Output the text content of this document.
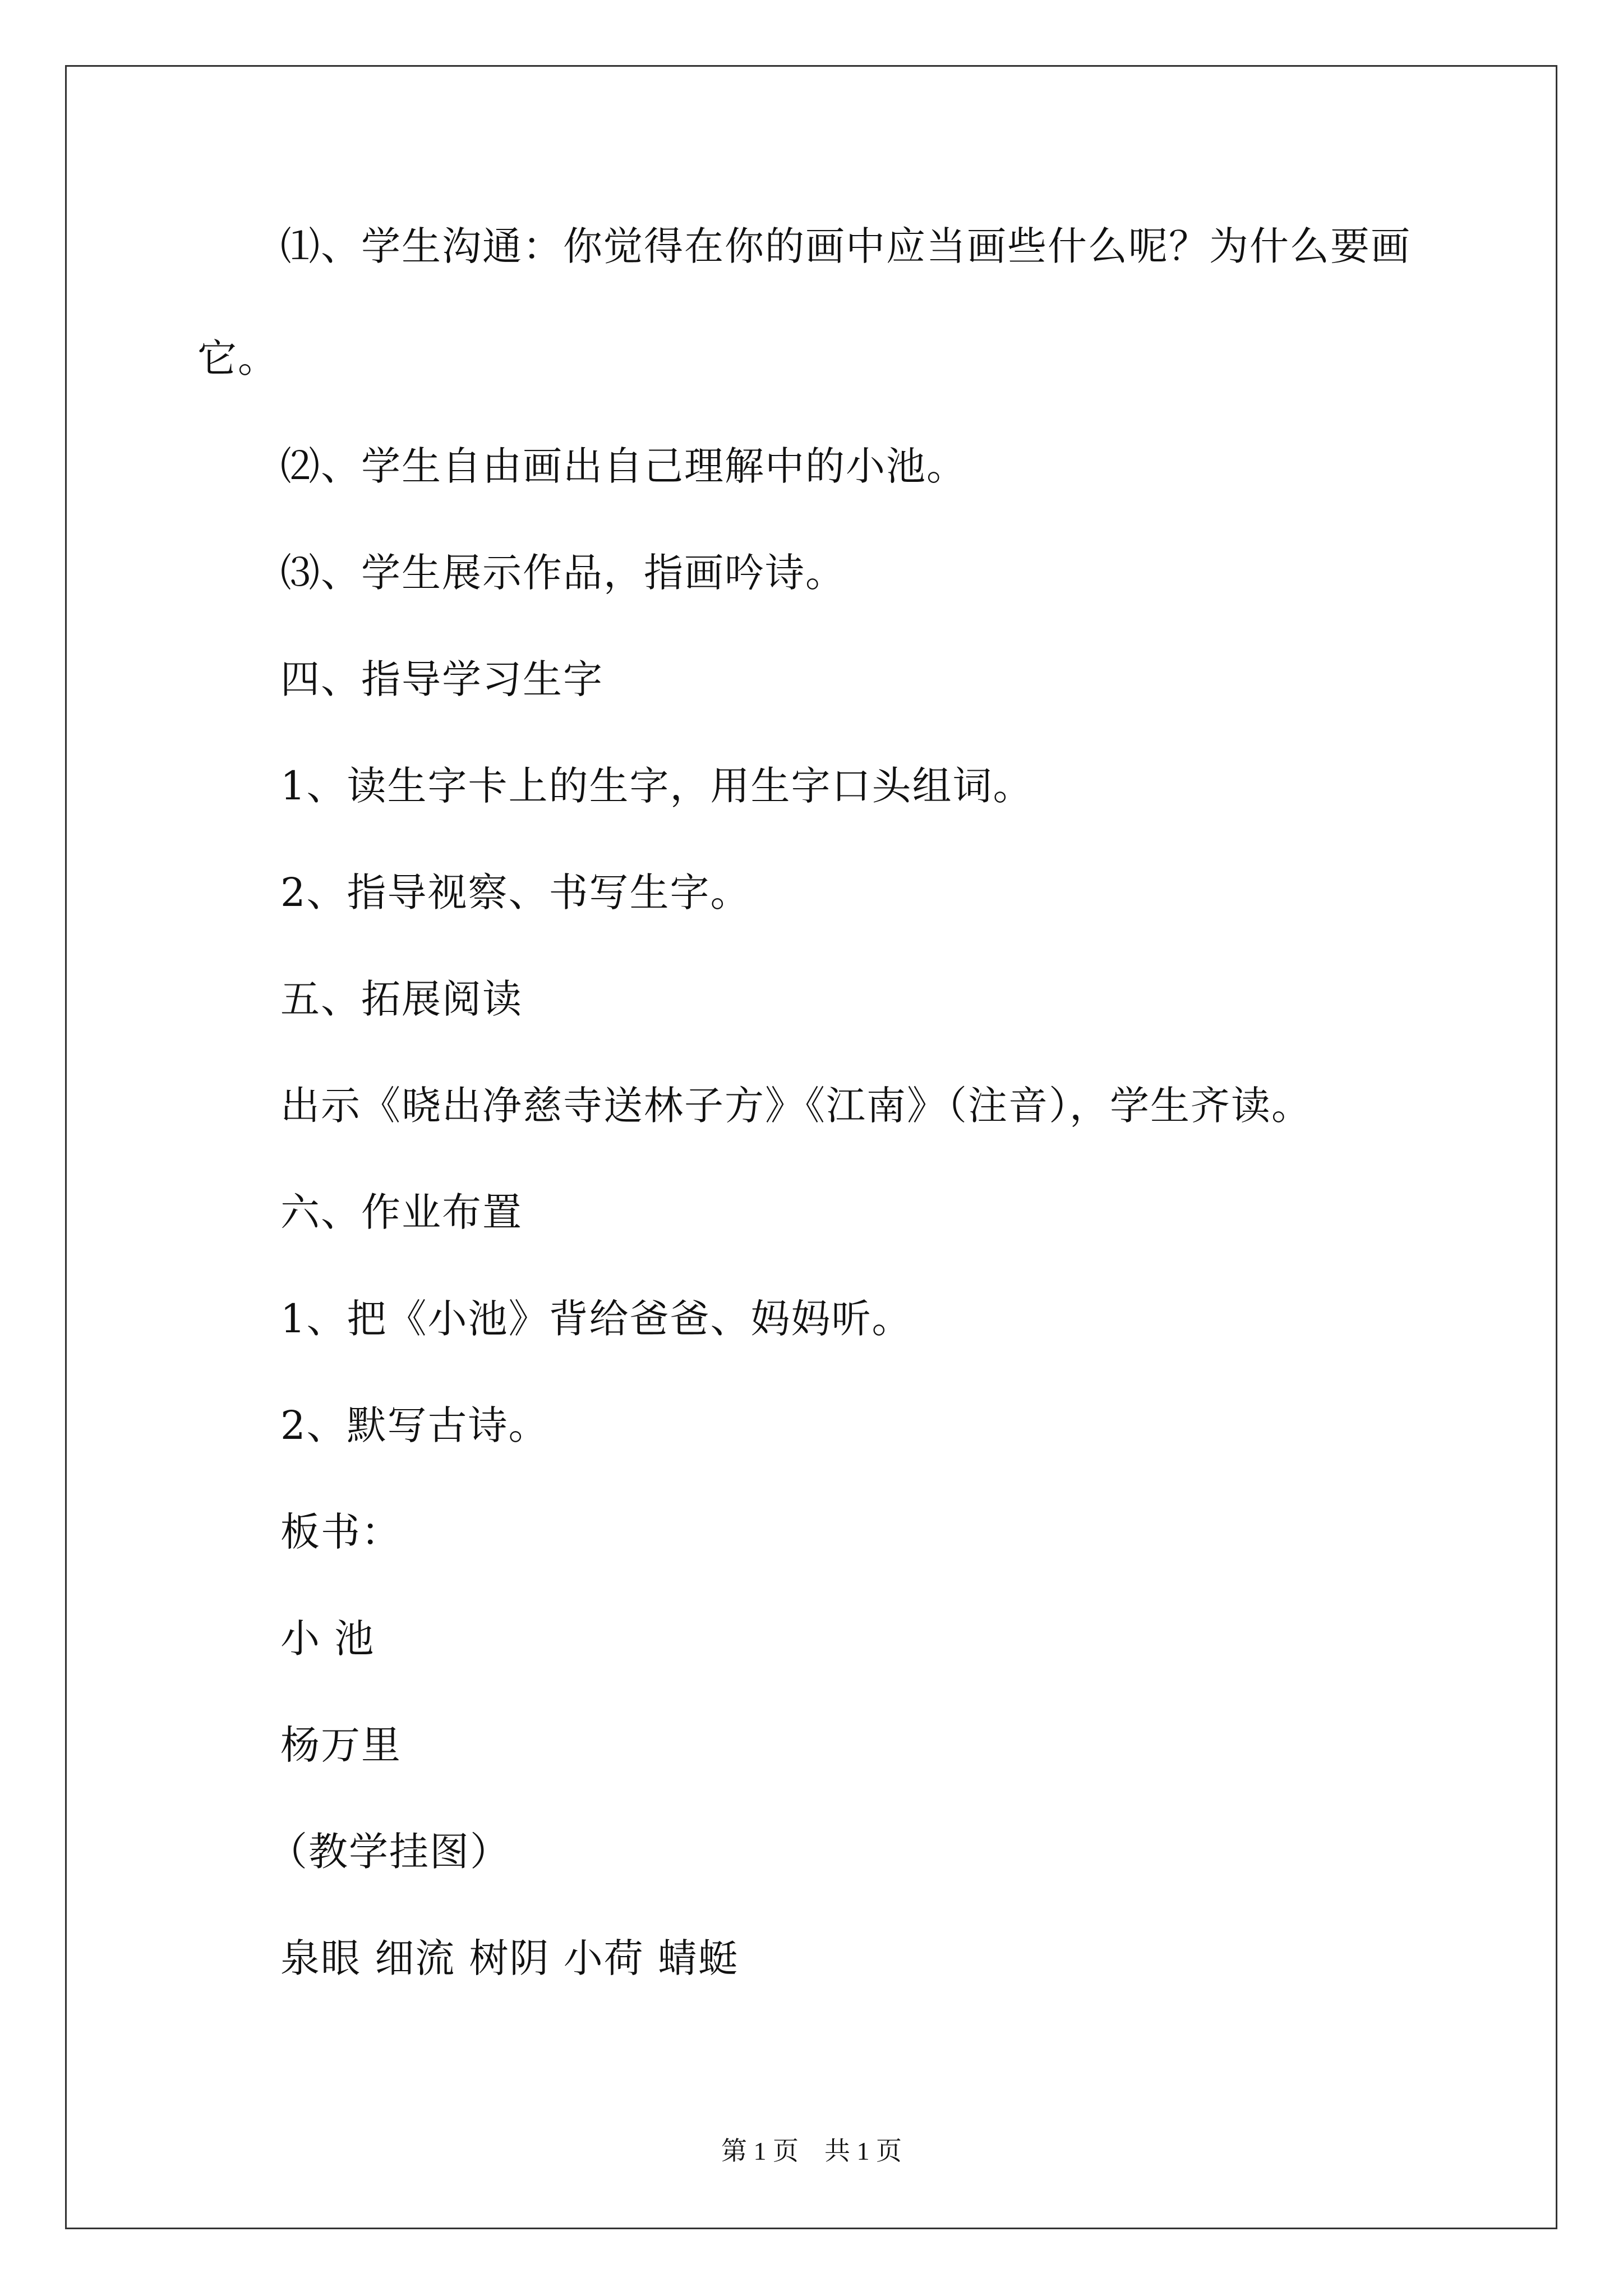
⑴、学生沟通：你觉得在你的画中应当画些什么呢？为什么要画
它。
⑵、学生自由画出自己理解中的小池。
⑶、学生展示作品，指画吟诗。
四、指导学习生字
1、读生字卡上的生字，用生字口头组词。
2、指导视察、书写生字。
五、拓展阅读
出示《晓出净慈寺送林子方》《江南》（注音），学生齐读。
六、作业布置
1、把《小池》背给爸爸、妈妈听。
2、默写古诗。
板书：
小 池
杨万里
（教学挂图）
泉眼 细流 树阴 小荷 蜻蜓
第 1 页　共 1 页
